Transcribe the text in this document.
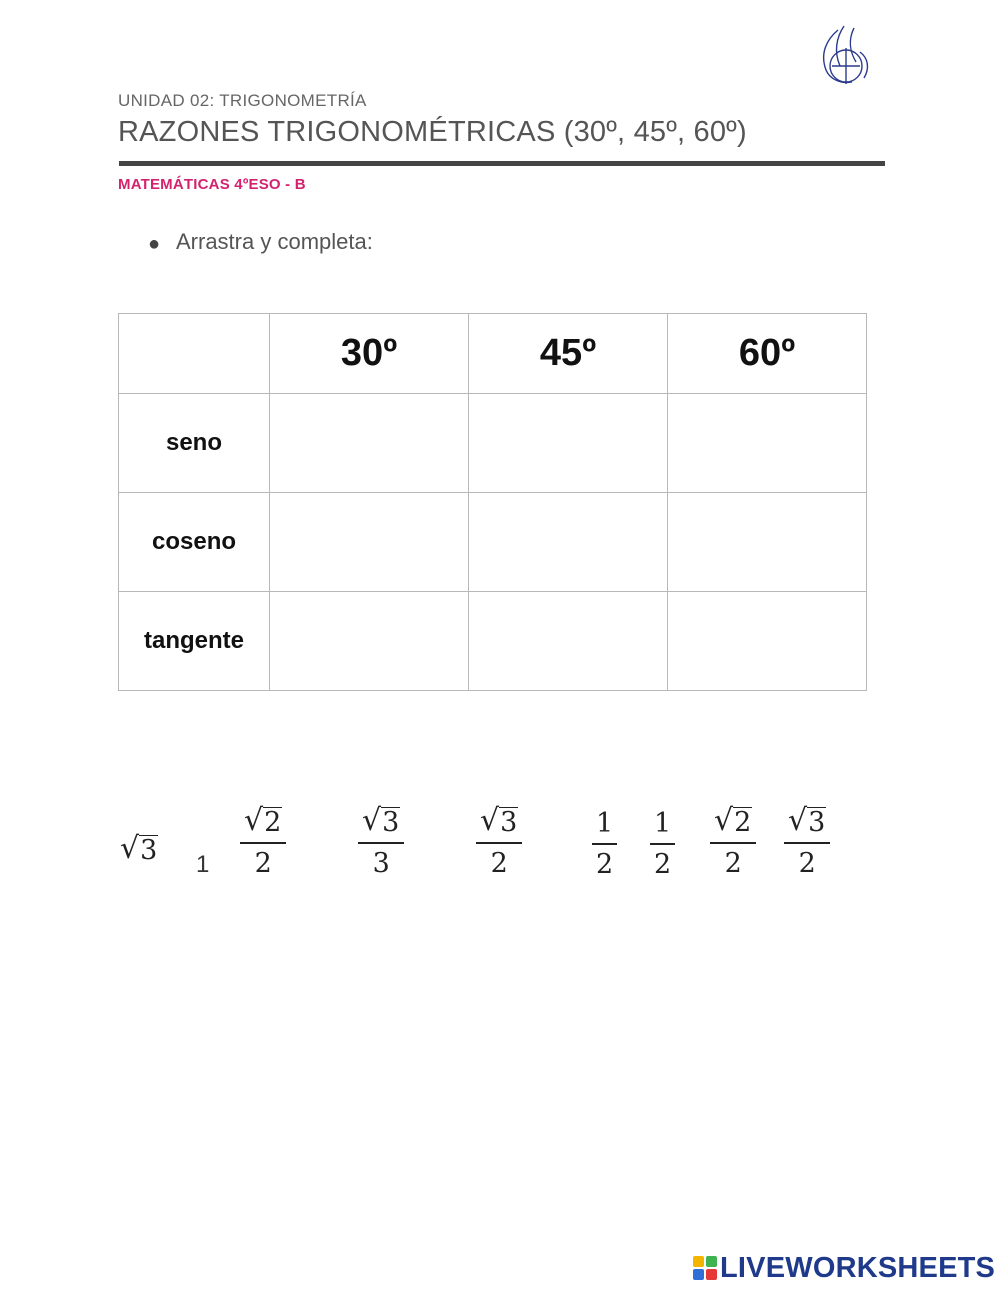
UNIDAD 02: TRIGONOMETRÍA
RAZONES TRIGONOMÉTRICAS (30º, 45º, 60º)
MATEMÁTICAS 4ºESO - B
● Arrastra y completa:
	30º	45º	60º
seno			
coseno			
tangente			
√ 3 $1 \frac{√ 2}{2} \frac{√ 3}{3} \frac{√ 3}{2}$	$\frac{1}{2} \frac{1}{2} \frac{√ 2}{2} \frac{√ 3}{2}$
LIVEWORKSHEETS
